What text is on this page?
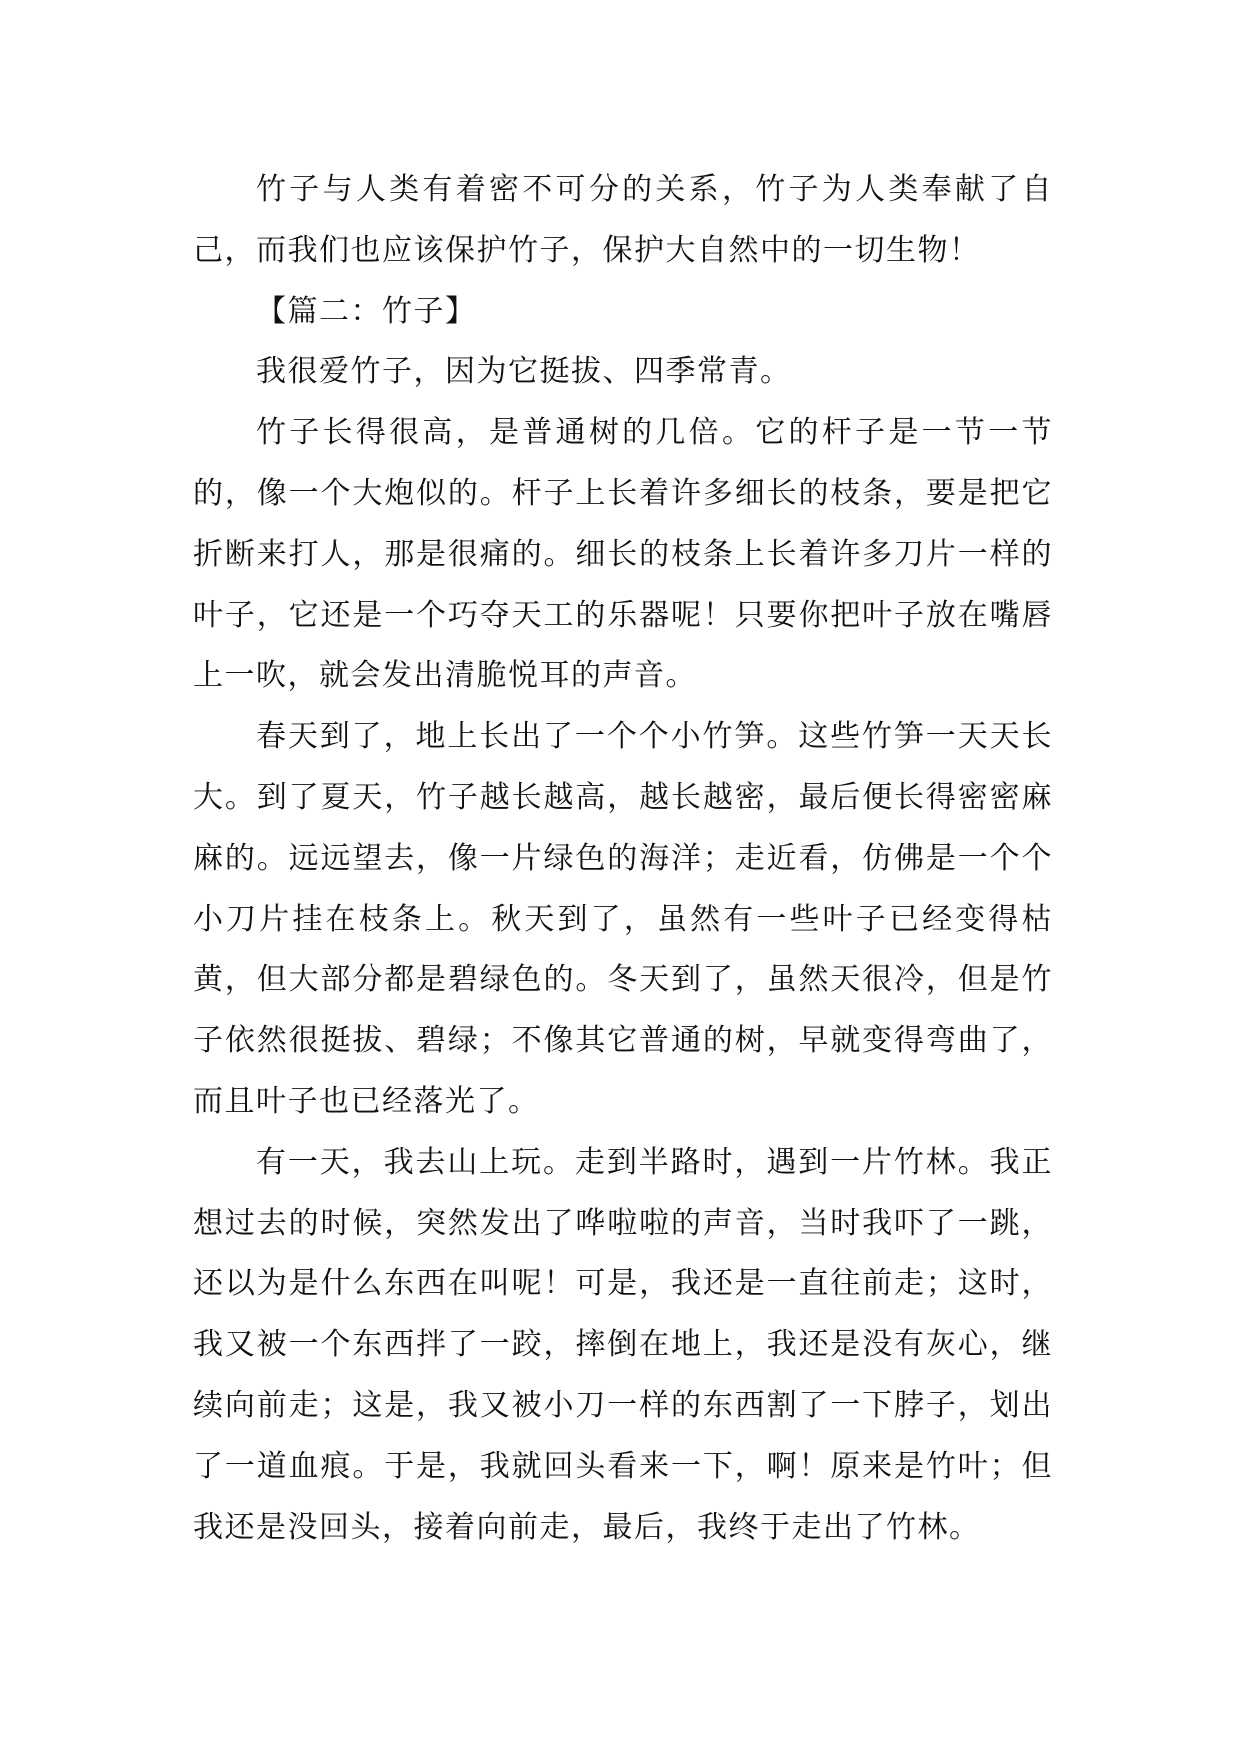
竹子与人类有着密不可分的关系，竹子为人类奉献了自己，而我们也应该保护竹子，保护大自然中的一切生物！

【篇二：竹子】

我很爱竹子，因为它挺拔、四季常青。

竹子长得很高，是普通树的几倍。它的杆子是一节一节的，像一个大炮似的。杆子上长着许多细长的枝条，要是把它折断来打人，那是很痛的。细长的枝条上长着许多刀片一样的叶子，它还是一个巧夺天工的乐器呢！只要你把叶子放在嘴唇上一吹，就会发出清脆悦耳的声音。

春天到了，地上长出了一个个小竹笋。这些竹笋一天天长大。到了夏天，竹子越长越高，越长越密，最后便长得密密麻麻的。远远望去，像一片绿色的海洋；走近看，仿佛是一个个小刀片挂在枝条上。秋天到了，虽然有一些叶子已经变得枯黄，但大部分都是碧绿色的。冬天到了，虽然天很冷，但是竹子依然很挺拔、碧绿；不像其它普通的树，早就变得弯曲了，而且叶子也已经落光了。

有一天，我去山上玩。走到半路时，遇到一片竹林。我正想过去的时候，突然发出了哗啦啦的声音，当时我吓了一跳，还以为是什么东西在叫呢！可是，我还是一直往前走；这时，我又被一个东西拌了一跤，摔倒在地上，我还是没有灰心，继续向前走；这是，我又被小刀一样的东西割了一下脖子，划出了一道血痕。于是，我就回头看来一下，啊！原来是竹叶；但我还是没回头，接着向前走，最后，我终于走出了竹林。
